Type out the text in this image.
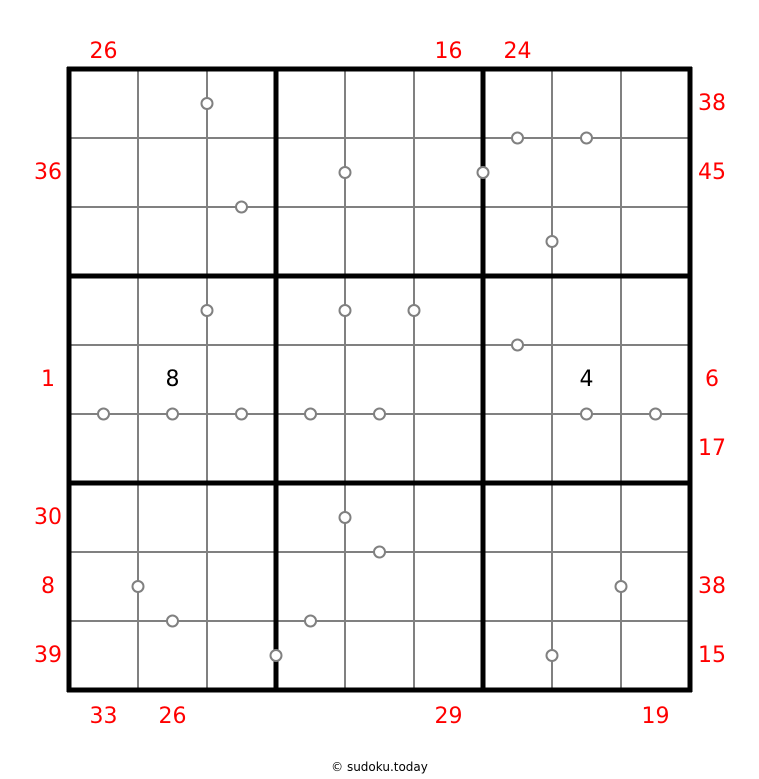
8	4
26	16 24
33 26	29	19
36
1
30
8
39
38
45
6
17
38
15
© sudoku.today
